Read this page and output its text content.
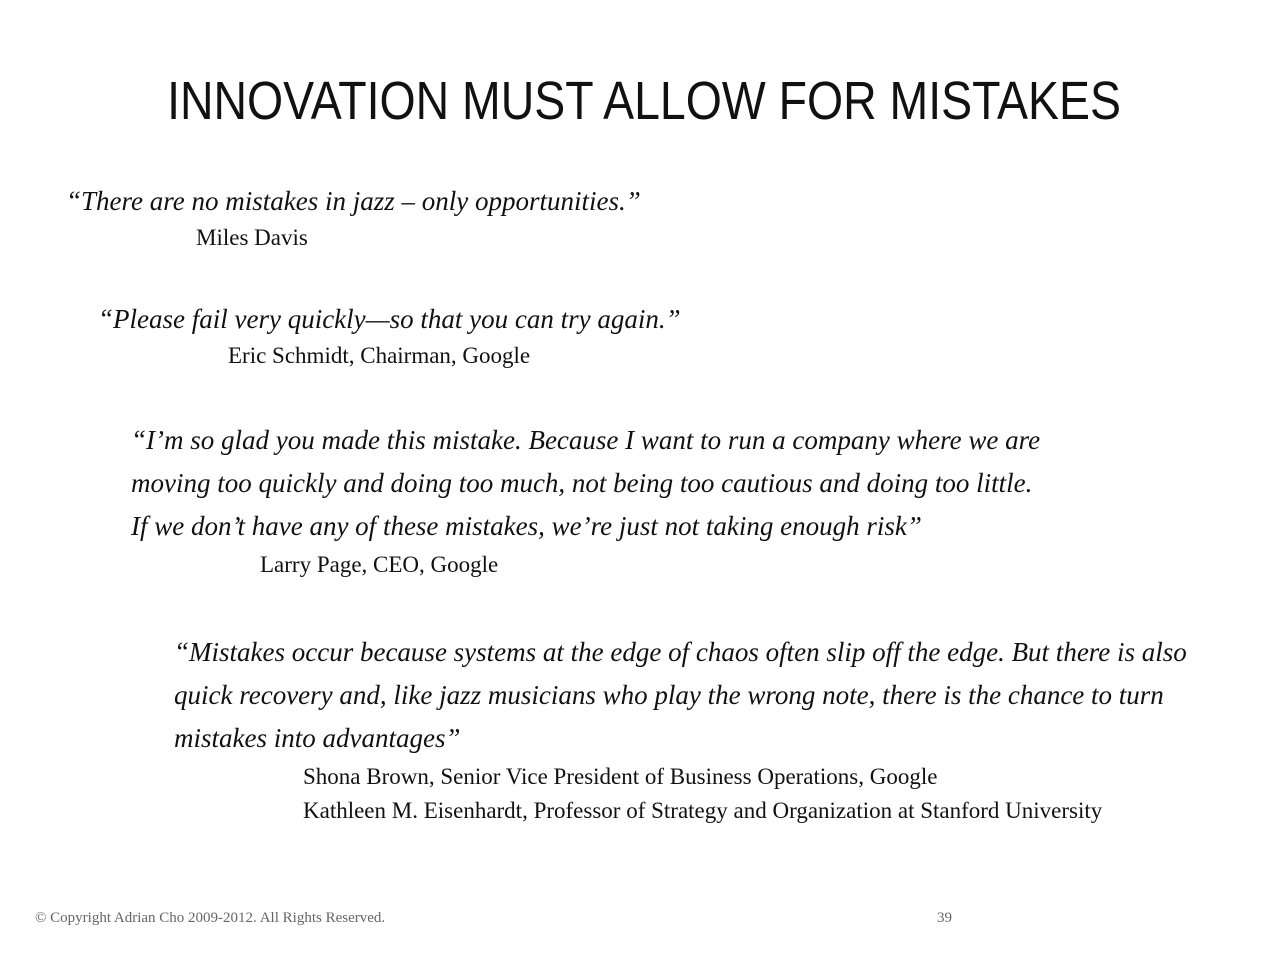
INNOVATION MUST ALLOW FOR MISTAKES
“There are no mistakes in jazz – only opportunities.”
Miles Davis
“Please fail very quickly—so that you can try again.”
Eric Schmidt, Chairman, Google
“I’m so glad you made this mistake. Because I want to run a company where we are
moving too quickly and doing too much, not being too cautious and doing too little.
If we don’t have any of these mistakes, we’re just not taking enough risk”
Larry Page, CEO, Google
“Mistakes occur because systems at the edge of chaos often slip off the edge. But there is also
quick recovery and, like jazz musicians who play the wrong note, there is the chance to turn
mistakes into advantages”
Shona Brown, Senior Vice President of Business Operations, Google
Kathleen M. Eisenhardt, Professor of Strategy and Organization at Stanford University
© Copyright Adrian Cho 2009-2012. All Rights Reserved.	39
